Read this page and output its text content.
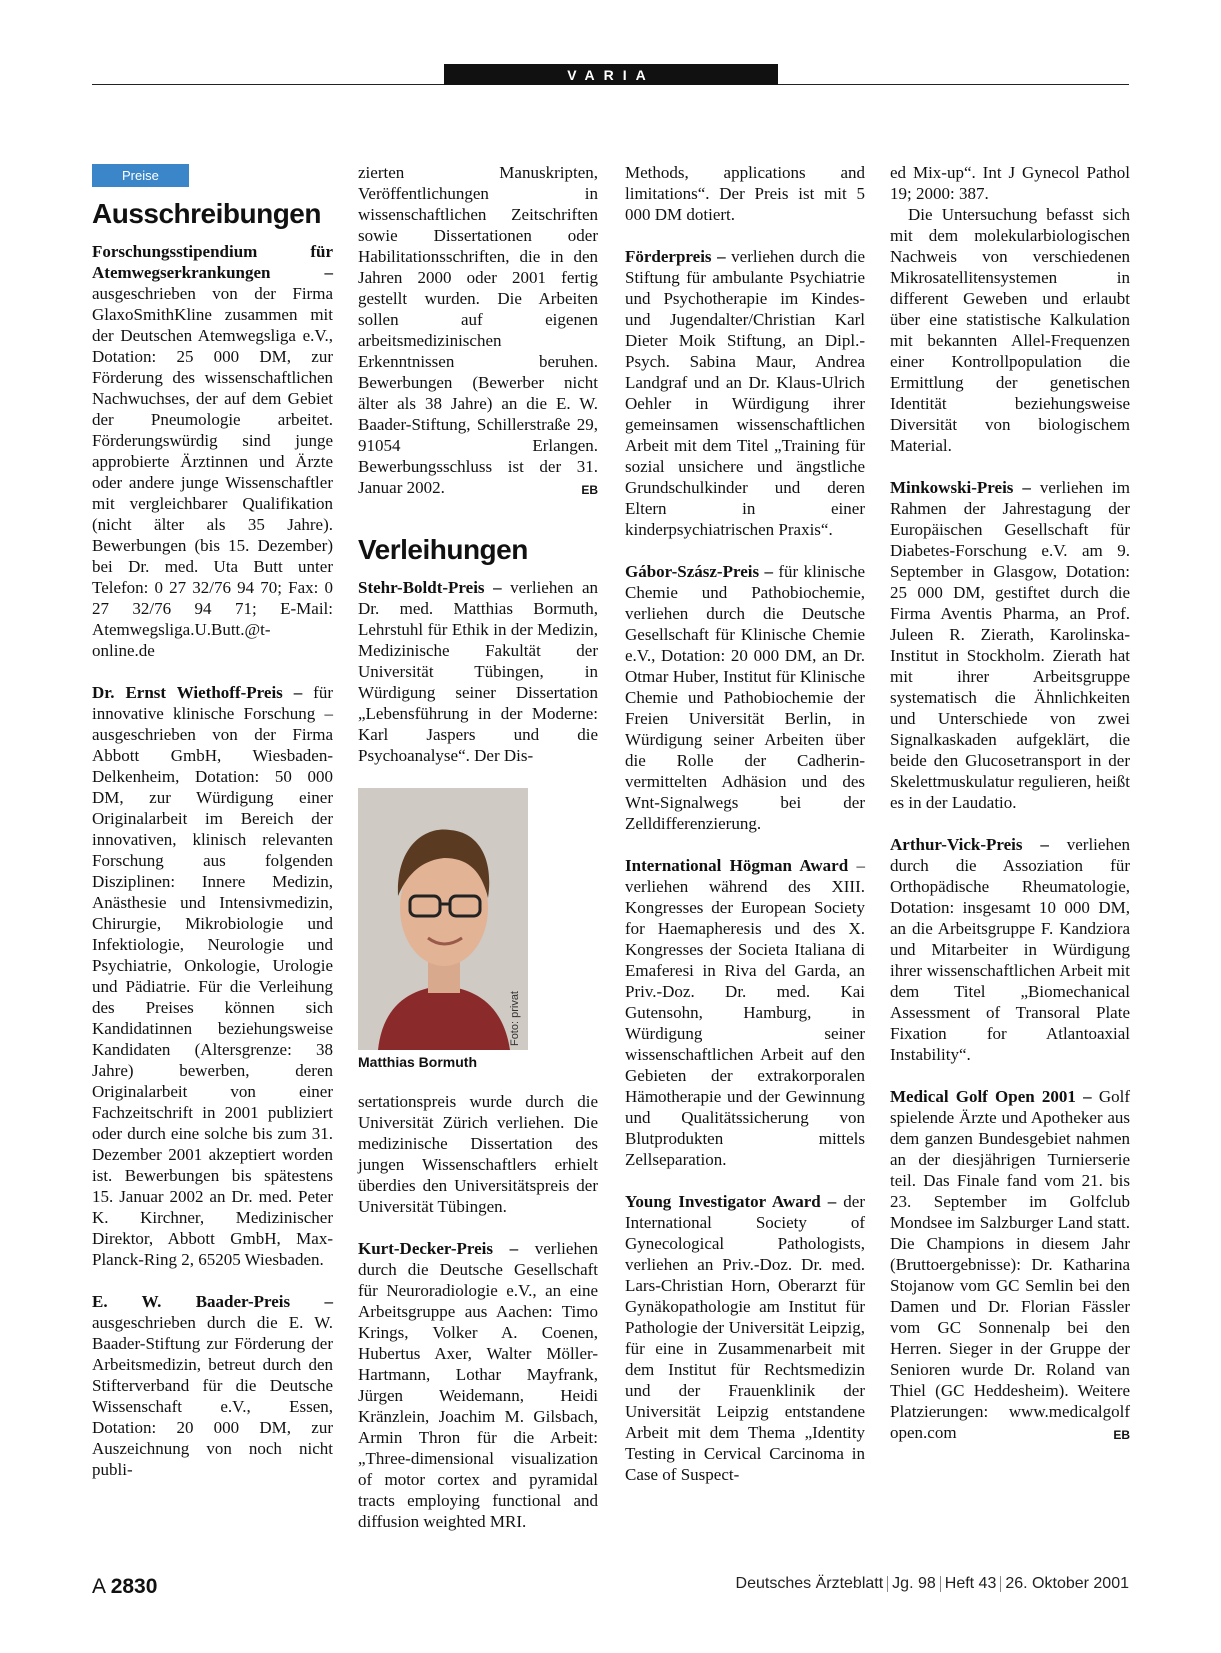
VARIA
Preise
Ausschreibungen

Forschungsstipendium für Atemwegserkrankungen – ausgeschrieben von der Firma GlaxoSmithKline zusammen mit der Deutschen Atemwegsliga e.V., Dotation: 25 000 DM, zur Förderung des wissenschaftlichen Nachwuchses, der auf dem Gebiet der Pneumologie arbeitet. Förderungswürdig sind junge approbierte Ärztinnen und Ärzte oder andere junge Wissenschaftler mit vergleichbarer Qualifikation (nicht älter als 35 Jahre). Bewerbungen (bis 15. Dezember) bei Dr. med. Uta Butt unter Telefon: 0 27 32/76 94 70; Fax: 0 27 32/76 94 71; E-Mail: Atemwegsliga.U.Butt.@t-online.de

Dr. Ernst Wiethoff-Preis – für innovative klinische Forschung – ausgeschrieben von der Firma Abbott GmbH, Wiesbaden-Delkenheim, Dotation: 50 000 DM, zur Würdigung einer Originalarbeit im Bereich der innovativen, klinisch relevanten Forschung aus folgenden Disziplinen: Innere Medizin, Anästhesie und Intensivmedizin, Chirurgie, Mikrobiologie und Infektiologie, Neurologie und Psychiatrie, Onkologie, Urologie und Pädiatrie. Für die Verleihung des Preises können sich Kandidatinnen beziehungsweise Kandidaten (Altersgrenze: 38 Jahre) bewerben, deren Originalarbeit von einer Fachzeitschrift in 2001 publiziert oder durch eine solche bis zum 31. Dezember 2001 akzeptiert worden ist. Bewerbungen bis spätestens 15. Januar 2002 an Dr. med. Peter K. Kirchner, Medizinischer Direktor, Abbott GmbH, Max-Planck-Ring 2, 65205 Wiesbaden.

E. W. Baader-Preis – ausgeschrieben durch die E. W. Baader-Stiftung zur Förderung der Arbeitsmedizin, betreut durch den Stifterverband für die Deutsche Wissenschaft e.V., Essen, Dotation: 20 000 DM, zur Auszeichnung von noch nicht publi-

zierten Manuskripten, Veröffentlichungen in wissenschaftlichen Zeitschriften sowie Dissertationen oder Habilitationsschriften, die in den Jahren 2000 oder 2001 fertig gestellt wurden. Die Arbeiten sollen auf eigenen arbeitsmedizinischen Erkenntnissen beruhen. Bewerbungen (Bewerber nicht älter als 38 Jahre) an die E. W. Baader-Stiftung, Schillerstraße 29, 91054 Erlangen. Bewerbungsschluss ist der 31. Januar 2002.	EB

Verleihungen

Stehr-Boldt-Preis – verliehen an Dr. med. Matthias Bormuth, Lehrstuhl für Ethik in der Medizin, Medizinische Fakultät der Universität Tübingen, in Würdigung seiner Dissertation „Lebensführung in der Moderne: Karl Jaspers und die Psychoanalyse“. Der Dis-

Foto: privat
Matthias Bormuth

sertationspreis wurde durch die Universität Zürich verliehen. Die medizinische Dissertation des jungen Wissenschaftlers erhielt überdies den Universitätspreis der Universität Tübingen.

Kurt-Decker-Preis – verliehen durch die Deutsche Gesellschaft für Neuroradiologie e.V., an eine Arbeitsgruppe aus Aachen: Timo Krings, Volker A. Coenen, Hubertus Axer, Walter Möller-Hartmann, Lothar Mayfrank, Jürgen Weidemann, Heidi Kränzlein, Joachim M. Gilsbach, Armin Thron für die Arbeit: „Three-dimensional visualization of motor cortex and pyramidal tracts employing functional and diffusion weighted MRI.

Methods, applications and limitations“. Der Preis ist mit 5 000 DM dotiert.

Förderpreis – verliehen durch die Stiftung für ambulante Psychiatrie und Psychotherapie im Kindes- und Jugendalter/Christian Karl Dieter Moik Stiftung, an Dipl.-Psych. Sabina Maur, Andrea Landgraf und an Dr. Klaus-Ulrich Oehler in Würdigung ihrer gemeinsamen wissenschaftlichen Arbeit mit dem Titel „Training für sozial unsichere und ängstliche Grundschulkinder und deren Eltern in einer kinderpsychiatrischen Praxis“.

Gábor-Szász-Preis – für klinische Chemie und Pathobiochemie, verliehen durch die Deutsche Gesellschaft für Klinische Chemie e.V., Dotation: 20 000 DM, an Dr. Otmar Huber, Institut für Klinische Chemie und Pathobiochemie der Freien Universität Berlin, in Würdigung seiner Arbeiten über die Rolle der Cadherin-vermittelten Adhäsion und des Wnt-Signalwegs bei der Zelldifferenzierung.

International Högman Award – verliehen während des XIII. Kongresses der European Society for Haemapheresis und des X. Kongresses der Societa Italiana di Emaferesi in Riva del Garda, an Priv.-Doz. Dr. med. Kai Gutensohn, Hamburg, in Würdigung seiner wissenschaftlichen Arbeit auf den Gebieten der extrakorporalen Hämotherapie und der Gewinnung und Qualitätssicherung von Blutprodukten mittels Zellseparation.

Young Investigator Award – der International Society of Gynecological Pathologists, verliehen an Priv.-Doz. Dr. med. Lars-Christian Horn, Oberarzt für Gynäkopathologie am Institut für Pathologie der Universität Leipzig, für eine in Zusammenarbeit mit dem Institut für Rechtsmedizin und der Frauenklinik der Universität Leipzig entstandene Arbeit mit dem Thema „Identity Testing in Cervical Carcinoma in Case of Suspect-

ed Mix-up“. Int J Gynecol Pathol 19; 2000: 387.

Die Untersuchung befasst sich mit dem molekularbiologischen Nachweis von verschiedenen Mikrosatellitensystemen in different Geweben und erlaubt über eine statistische Kalkulation mit bekannten Allel-Frequenzen einer Kontrollpopulation die Ermittlung der genetischen Identität beziehungsweise Diversität von biologischem Material.

Minkowski-Preis – verliehen im Rahmen der Jahrestagung der Europäischen Gesellschaft für Diabetes-Forschung e.V. am 9. September in Glasgow, Dotation: 25 000 DM, gestiftet durch die Firma Aventis Pharma, an Prof. Juleen R. Zierath, Karolinska-Institut in Stockholm. Zierath hat mit ihrer Arbeitsgruppe systematisch die Ähnlichkeiten und Unterschiede von zwei Signalkaskaden aufgeklärt, die beide den Glucosetransport in der Skelettmuskulatur regulieren, heißt es in der Laudatio.

Arthur-Vick-Preis – verliehen durch die Assoziation für Orthopädische Rheumatologie, Dotation: insgesamt 10 000 DM, an die Arbeitsgruppe F. Kandziora und Mitarbeiter in Würdigung ihrer wissenschaftlichen Arbeit mit dem Titel „Biomechanical Assessment of Transoral Plate Fixation for Atlantoaxial Instability“.

Medical Golf Open 2001 – Golf spielende Ärzte und Apotheker aus dem ganzen Bundesgebiet nahmen an der diesjährigen Turnierserie teil. Das Finale fand vom 21. bis 23. September im Golfclub Mondsee im Salzburger Land statt. Die Champions in diesem Jahr (Bruttoergebnisse): Dr. Katharina Stojanow vom GC Semlin bei den Damen und Dr. Florian Fässler vom GC Sonnenalp bei den Herren. Sieger in der Gruppe der Senioren wurde Dr. Roland van Thiel (GC Heddesheim). Weitere Platzierungen: www.medicalgolf open.com	EB

A 2830	Deutsches Ärzteblatt Jg. 98 Heft 43 26. Oktober 2001
